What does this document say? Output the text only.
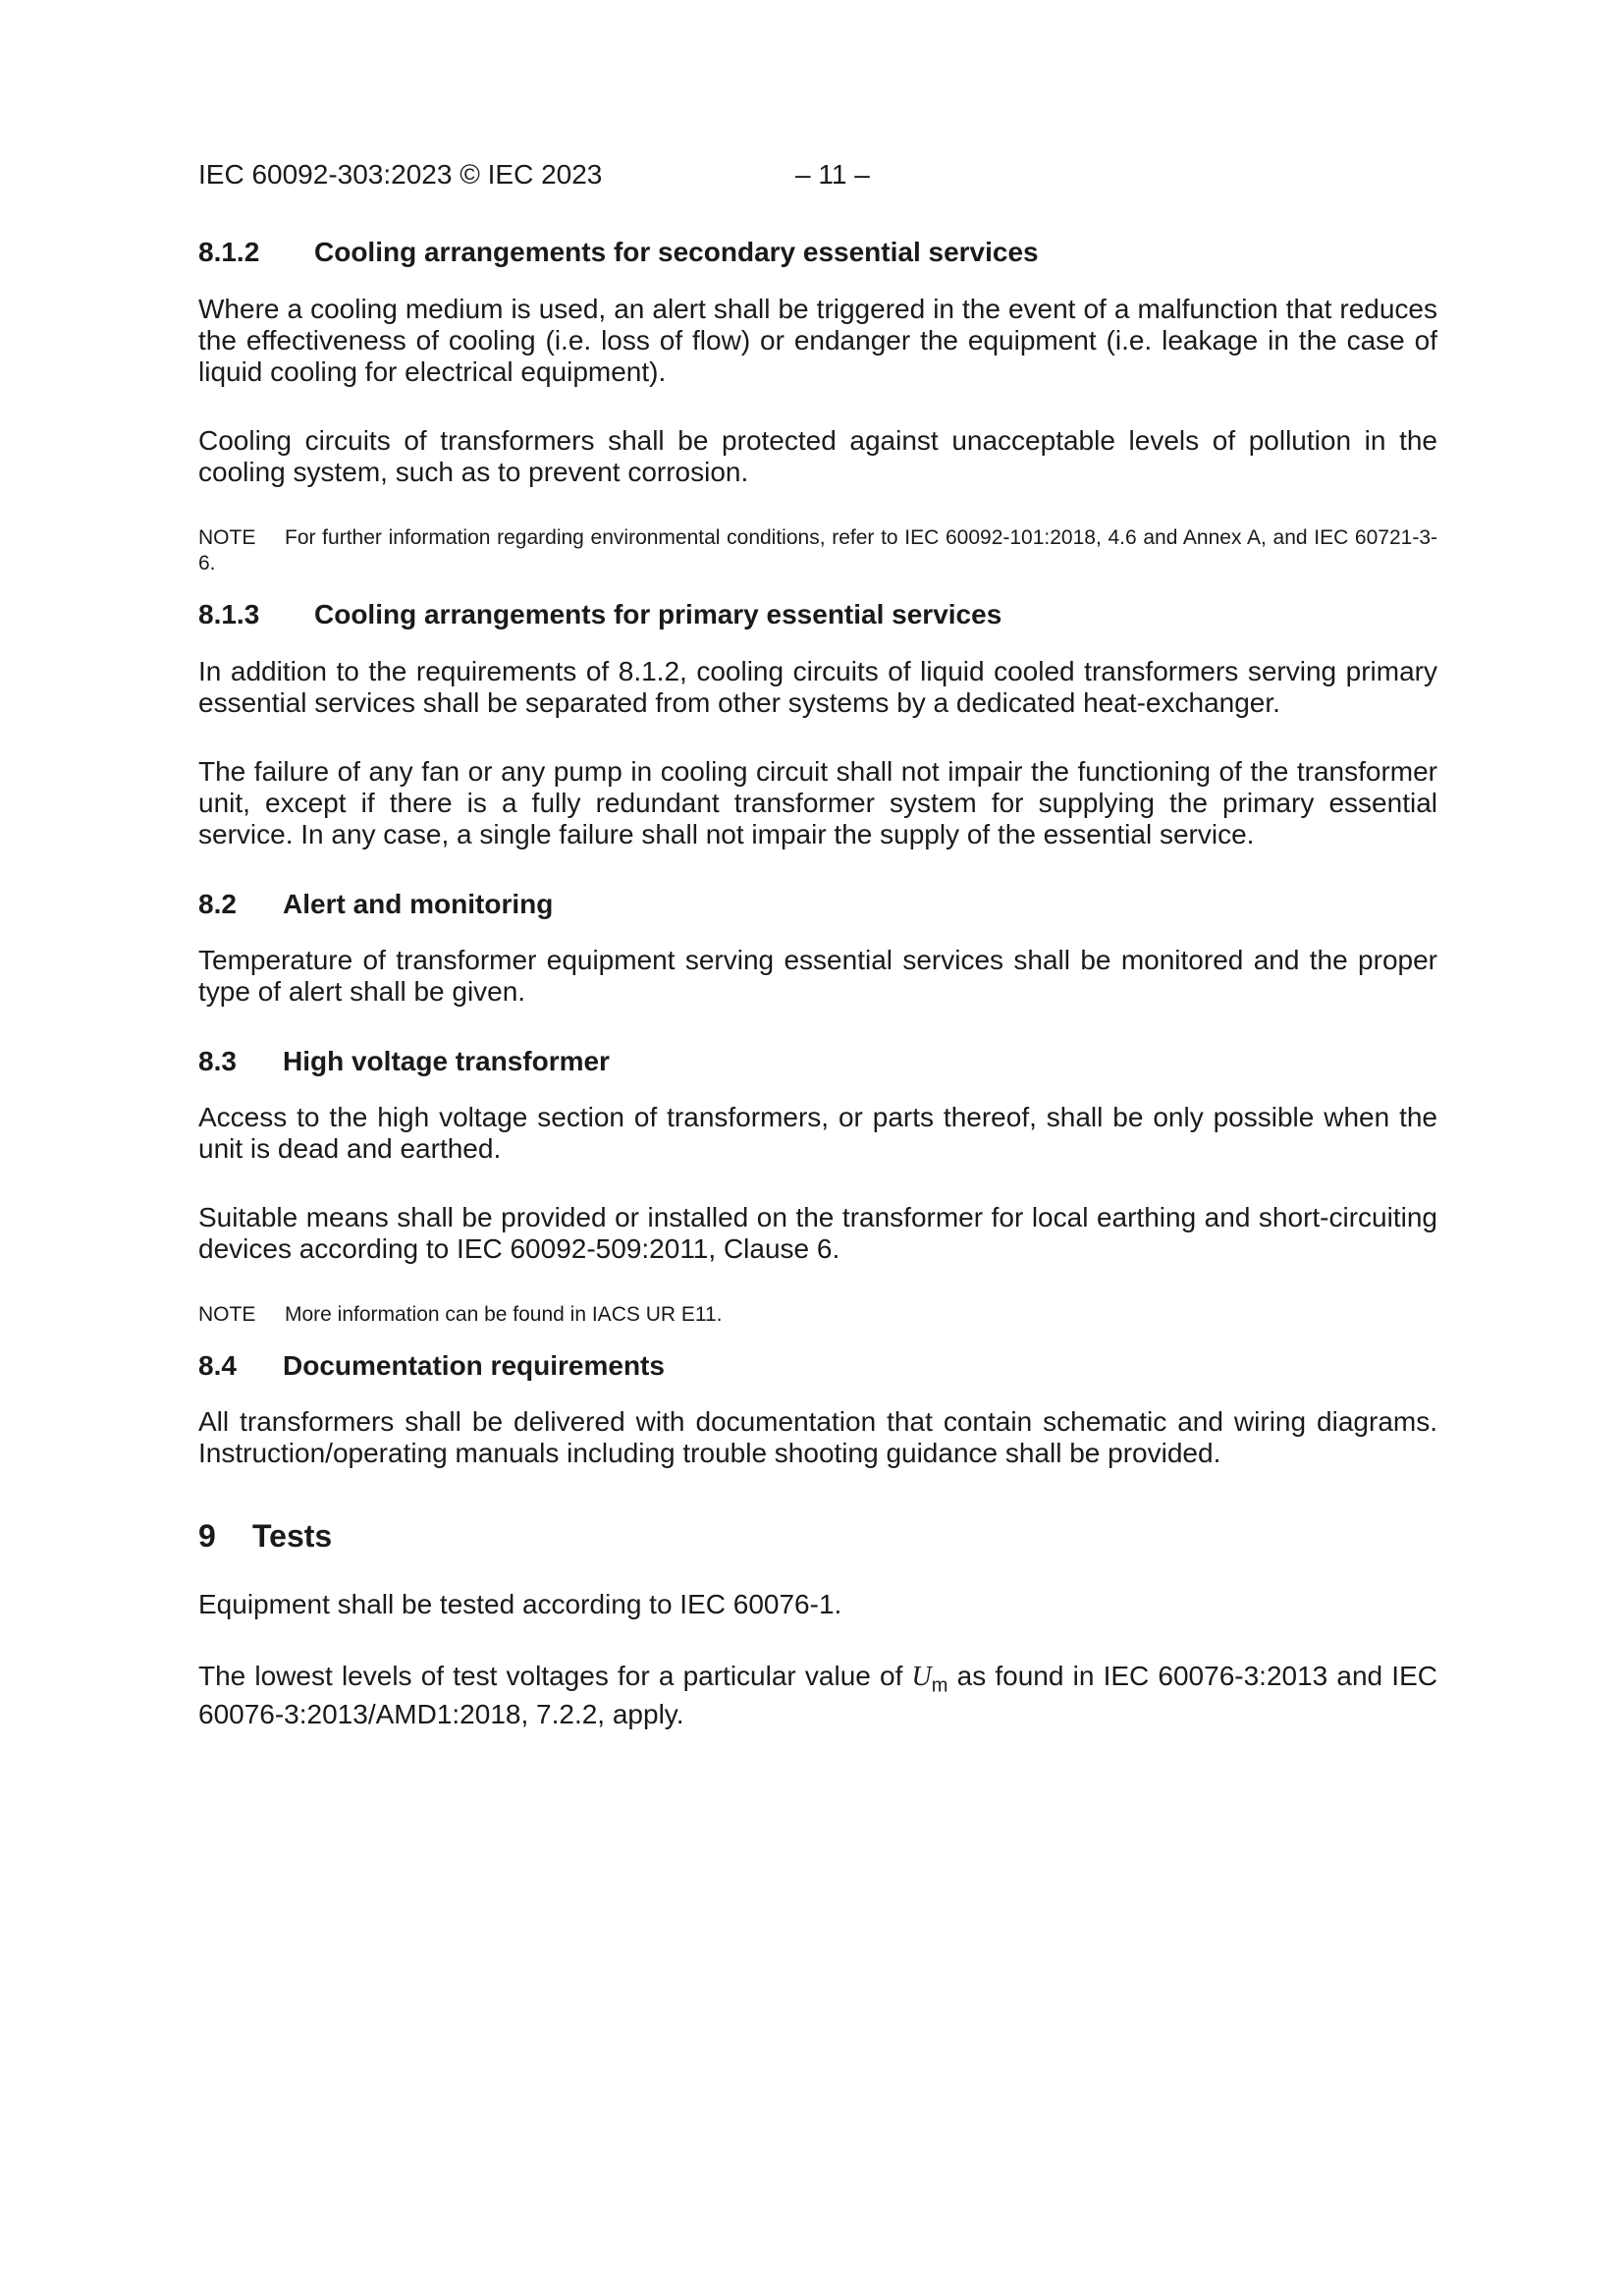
IEC 60092-303:2023 © IEC 2023	– 11 –
8.1.2 Cooling arrangements for secondary essential services

Where a cooling medium is used, an alert shall be triggered in the event of a malfunction that reduces the effectiveness of cooling (i.e. loss of flow) or endanger the equipment (i.e. leakage in the case of liquid cooling for electrical equipment).

Cooling circuits of transformers shall be protected against unacceptable levels of pollution in the cooling system, such as to prevent corrosion.

NOTE For further information regarding environmental conditions, refer to IEC 60092-101:2018, 4.6 and Annex A, and IEC 60721-3-6.

8.1.3 Cooling arrangements for primary essential services

In addition to the requirements of 8.1.2, cooling circuits of liquid cooled transformers serving primary essential services shall be separated from other systems by a dedicated heat-exchanger.

The failure of any fan or any pump in cooling circuit shall not impair the functioning of the transformer unit, except if there is a fully redundant transformer system for supplying the primary essential service. In any case, a single failure shall not impair the supply of the essential service.

8.2 Alert and monitoring

Temperature of transformer equipment serving essential services shall be monitored and the proper type of alert shall be given.

8.3 High voltage transformer

Access to the high voltage section of transformers, or parts thereof, shall be only possible when the unit is dead and earthed.

Suitable means shall be provided or installed on the transformer for local earthing and short-circuiting devices according to IEC 60092-509:2011, Clause 6.

NOTE More information can be found in IACS UR E11.

8.4 Documentation requirements

All transformers shall be delivered with documentation that contain schematic and wiring diagrams. Instruction/operating manuals including trouble shooting guidance shall be provided.

9 Tests

Equipment shall be tested according to IEC 60076-1.

The lowest levels of test voltages for a particular value of $U_m$ as found in IEC 60076-3:2013 and IEC 60076-3:2013/AMD1:2018, 7.2.2, apply.
